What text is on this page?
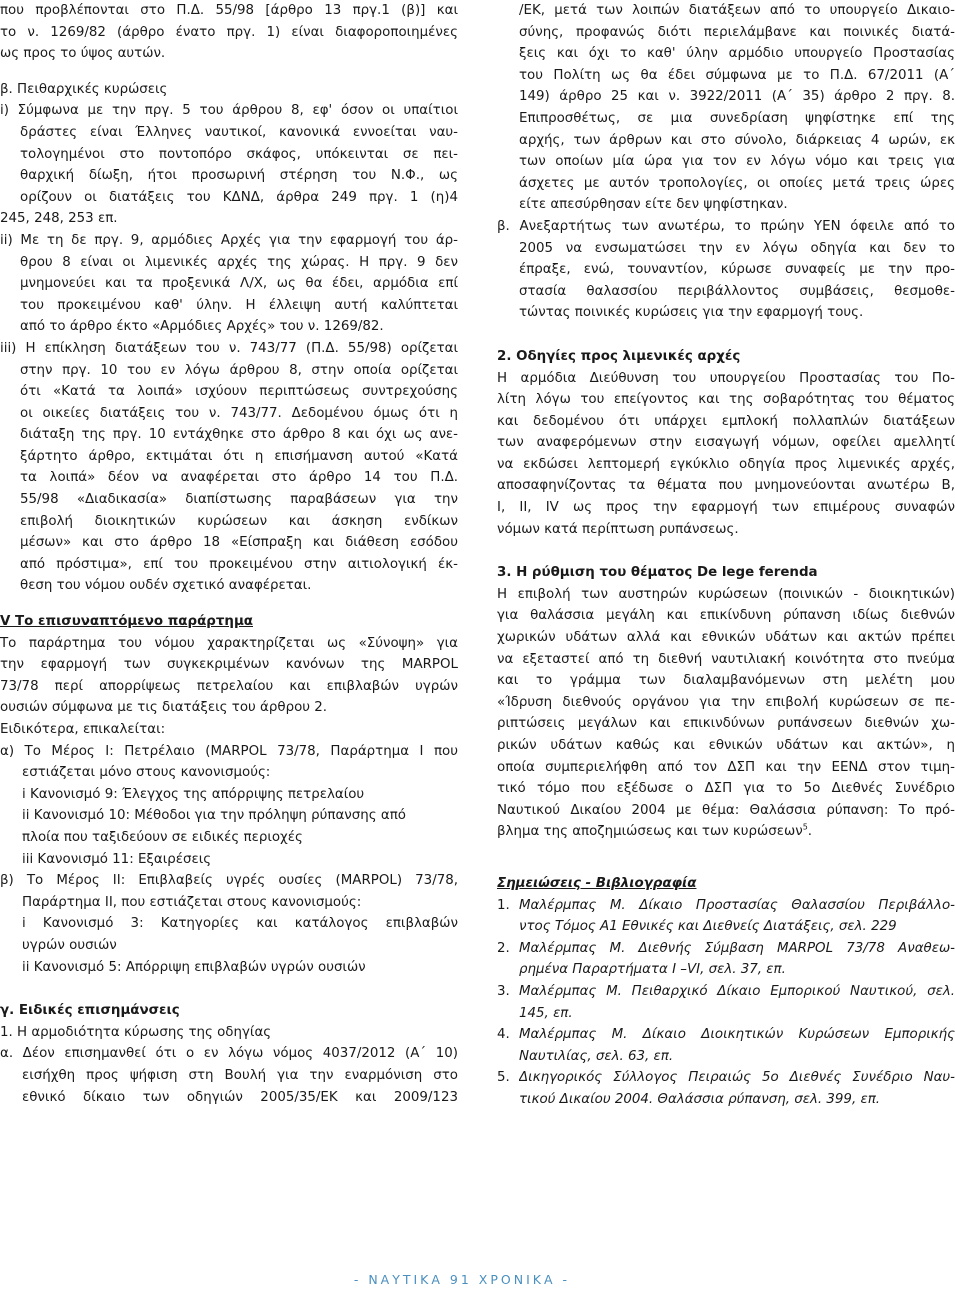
που προβλέπονται στο Π.Δ. 55/98 [άρθρο 13 πργ.1 (β)] και
το ν. 1269/82 (άρθρο ένατο πργ. 1) είναι διαφοροποιημένες
ως προς το ύψος αυτών.
β. Πειθαρχικές κυρώσεις
i) Σύμφωνα με την πργ. 5 του άρθρου 8, εφ' όσον οι υπαίτιοι
δράστες είναι Έλληνες ναυτικοί, κανονικά εννοείται ναυ-
τολογημένοι στο ποντοπόρο σκάφος, υπόκεινται σε πει-
θαρχική δίωξη, ήτοι προσωρινή στέρηση του Ν.Φ., ως
ορίζουν οι διατάξεις του ΚΔΝΔ, άρθρα 249 πργ. 1 (η)4
245, 248, 253 επ.
ii) Με τη δε πργ. 9, αρμόδιες Αρχές για την εφαρμογή του άρ-
θρου 8 είναι οι λιμενικές αρχές της χώρας. Η πργ. 9 δεν
μνημονεύει και τα προξενικά Λ/Χ, ως θα έδει, αρμόδια επί
του προκειμένου καθ' ύλην. Η έλλειψη αυτή καλύπτεται
από το άρθρο έκτο «Αρμόδιες Αρχές» του ν. 1269/82.
iii) Η επίκληση διατάξεων του ν. 743/77 (Π.Δ. 55/98) ορίζεται
στην πργ. 10 του εν λόγω άρθρου 8, στην οποία ορίζεται
ότι «Κατά τα λοιπά» ισχύουν περιπτώσεως συντρεχούσης
οι οικείες διατάξεις του ν. 743/77. Δεδομένου όμως ότι η
διάταξη της πργ. 10 εντάχθηκε στο άρθρο 8 και όχι ως ανε-
ξάρτητο άρθρο, εκτιμάται ότι η επισήμανση αυτού «Κατά
τα λοιπά» δέον να αναφέρεται στο άρθρο 14 του Π.Δ.
55/98 «Διαδικασία» διαπίστωσης παραβάσεων για την
επιβολή διοικητικών κυρώσεων και άσκηση ενδίκων
μέσων» και στο άρθρο 18 «Είσπραξη και διάθεση εσόδου
από πρόστιμα», επί του προκειμένου στην αιτιολογική έκ-
θεση του νόμου ουδέν σχετικό αναφέρεται.
V Το επισυναπτόμενο παράρτημα
Το παράρτημα του νόμου χαρακτηρίζεται ως «Σύνοψη» για
την εφαρμογή των συγκεκριμένων κανόνων της MARPOL
73/78 περί απορρίψεως πετρελαίου και επιβλαβών υγρών
ουσιών σύμφωνα με τις διατάξεις του άρθρου 2.
Ειδικότερα, επικαλείται:
α) Το Μέρος Ι: Πετρέλαιο (MARPOL 73/78, Παράρτημα Ι που
εστιάζεται μόνο στους κανονισμούς:
i Κανονισμό 9: Έλεγχος της απόρριψης πετρελαίου
ii Κανονισμό 10: Μέθοδοι για την πρόληψη ρύπανσης από
πλοία που ταξιδεύουν σε ειδικές περιοχές
iii Κανονισμό 11: Εξαιρέσεις
β) Το Μέρος ΙΙ: Επιβλαβείς υγρές ουσίες (MARPOL) 73/78,
Παράρτημα ΙΙ, που εστιάζεται στους κανονισμούς:
i Κανονισμό 3: Κατηγορίες και κατάλογος επιβλαβών
υγρών ουσιών
ii Κανονισμό 5: Απόρριψη επιβλαβών υγρών ουσιών
γ. Ειδικές επισημάνσεις
1. Η αρμοδιότητα κύρωσης της οδηγίας
α. Δέον επισημανθεί ότι ο εν λόγω νόμος 4037/2012 (Α΄ 10)
εισήχθη προς ψήφιση στη Βουλή για την εναρμόνιση στο
εθνικό δίκαιο των οδηγιών 2005/35/ΕΚ και 2009/123
/ΕΚ, μετά των λοιπών διατάξεων από το υπουργείο Δικαιο-
σύνης, προφανώς διότι περιελάμβανε και ποινικές διατά-
ξεις και όχι το καθ' ύλην αρμόδιο υπουργείο Προστασίας
του Πολίτη ως θα έδει σύμφωνα με το Π.Δ. 67/2011 (Α΄
149) άρθρο 25 και ν. 3922/2011 (Α΄ 35) άρθρο 2 πργ. 8.
Επιπροσθέτως, σε μια συνεδρίαση ψηφίστηκε επί της
αρχής, των άρθρων και στο σύνολο, διάρκειας 4 ωρών, εκ
των οποίων μία ώρα για τον εν λόγω νόμο και τρεις για
άσχετες με αυτόν τροπολογίες, οι οποίες μετά τρεις ώρες
είτε απεσύρθησαν είτε δεν ψηφίστηκαν.
β. Ανεξαρτήτως των ανωτέρω, το πρώην ΥΕΝ όφειλε από το
2005 να ενσωματώσει την εν λόγω οδηγία και δεν το
έπραξε, ενώ, τουναντίον, κύρωσε συναφείς με την προ-
στασία θαλασσίου περιβάλλοντος συμβάσεις, θεσμοθε-
τώντας ποινικές κυρώσεις για την εφαρμογή τους.
2. Οδηγίες προς λιμενικές αρχές
Η αρμόδια Διεύθυνση του υπουργείου Προστασίας του Πο-
λίτη λόγω του επείγοντος και της σοβαρότητας του θέματος
και δεδομένου ότι υπάρχει εμπλοκή πολλαπλών διατάξεων
των αναφερόμενων στην εισαγωγή νόμων, οφείλει αμελλητί
να εκδώσει λεπτομερή εγκύκλιο οδηγία προς λιμενικές αρχές,
αποσαφηνίζοντας τα θέματα που μνημονεύονται ανωτέρω Β,
Ι, ΙΙ, ΙV ως προς την εφαρμογή των επιμέρους συναφών
νόμων κατά περίπτωση ρυπάνσεως.
3. Η ρύθμιση του θέματος De lege ferenda
Η επιβολή των αυστηρών κυρώσεων (ποινικών - διοικητικών)
για θαλάσσια μεγάλη και επικίνδυνη ρύπανση ιδίως διεθνών
χωρικών υδάτων αλλά και εθνικών υδάτων και ακτών πρέπει
να εξεταστεί από τη διεθνή ναυτιλιακή κοινότητα στο πνεύμα
και το γράμμα των διαλαμβανόμενων στη μελέτη μου
«Ίδρυση διεθνούς οργάνου για την επιβολή κυρώσεων σε πε-
ριπτώσεις μεγάλων και επικινδύνων ρυπάνσεων διεθνών χω-
ρικών υδάτων καθώς και εθνικών υδάτων και ακτών», η
οποία συμπεριελήφθη από τον ΔΣΠ και την ΕΕΝΔ στον τιμη-
τικό τόμο που εξέδωσε ο ΔΣΠ για το 5ο Διεθνές Συνέδριο
Ναυτικού Δικαίου 2004 με θέμα: Θαλάσσια ρύπανση: Το πρό-
βλημα της αποζημιώσεως και των κυρώσεων$^5$.
Σημειώσεις - Βιβλιογραφία
1. Μαλέρμπας Μ. Δίκαιο Προστασίας Θαλασσίου Περιβάλλο-
ντος Τόμος Α1 Εθνικές και Διεθνείς Διατάξεις, σελ. 229
2. Μαλέρμπας Μ. Διεθνής Σύμβαση MARPOL 73/78 Αναθεω-
ρημένα Παραρτήματα Ι –VI, σελ. 37, επ.
3. Μαλέρμπας Μ. Πειθαρχικό Δίκαιο Εμπορικού Ναυτικού, σελ.
145, επ.
4. Μαλέρμπας Μ. Δίκαιο Διοικητικών Κυρώσεων Εμπορικής
Ναυτιλίας, σελ. 63, επ.
5. Δικηγορικός Σύλλογος Πειραιώς 5ο Διεθνές Συνέδριο Ναυ-
τικού Δικαίου 2004. Θαλάσσια ρύπανση, σελ. 399, επ.
- ΝΑΥΤΙΚΑ 91 ΧΡΟΝΙΚΑ -
